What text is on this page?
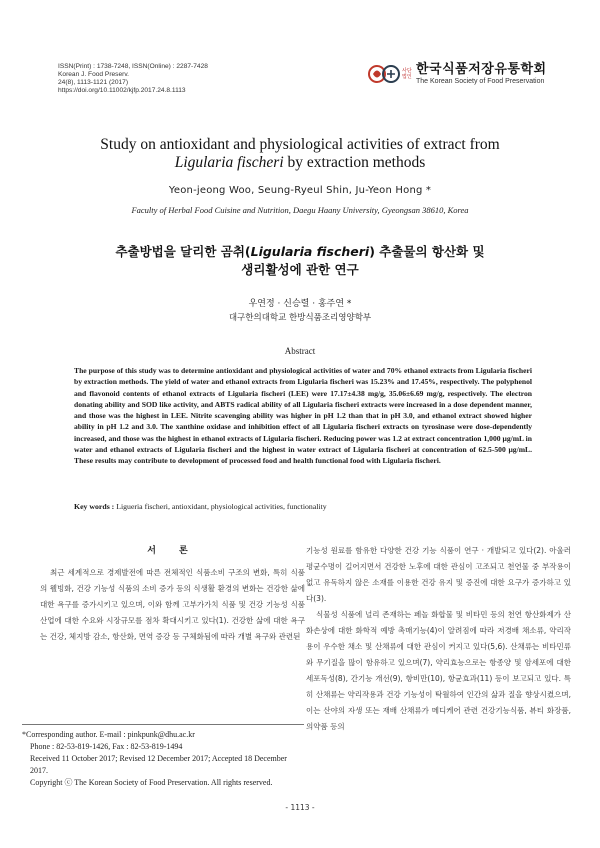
ISSN(Print) : 1738-7248, ISSN(Online) : 2287-7428
Korean J. Food Preserv.
24(8), 1113-1121 (2017)
https://doi.org/10.11002/kjfp.2017.24.8.1113
사단 법인 한국식품저장유통학회
The Korean Society of Food Preservation
Study on antioxidant and physiological activities of extract from
Ligularia fischeri by extraction methods
Yeon-jeong Woo, Seung-Ryeul Shin, Ju-Yeon Hong *
Faculty of Herbal Food Cuisine and Nutrition, Daegu Haany University, Gyeongsan 38610, Korea
추출방법을 달리한 곰취(Ligularia fischeri) 추출물의 항산화 및
생리활성에 관한 연구
우연정 · 신승렬 · 홍주연 *
대구한의대학교 한방식품조리영양학부
Abstract
The purpose of this study was to determine antioxidant and physiological activities of water and 70% ethanol extracts from Ligularia fischeri by extraction methods. The yield of water and ethanol extracts from Ligularia fischeri was 15.23% and 17.45%, respectively. The polyphenol and flavonoid contents of ethanol extracts of Ligularia fischeri (LEE) were 17.17±4.38 mg/g, 35.06±6.69 mg/g, respectively. The electron donating ability and SOD like activity, and ABTS radical ability of all Ligularia fischeri extracts were increased in a dose dependent manner, and those was the highest in LEE. Nitrite scavenging ability was higher in pH 1.2 than that in pH 3.0, and ethanol extract showed higher ability in pH 1.2 and 3.0. The xanthine oxidase and inhibition effect of all Ligularia fischeri extracts on tyrosinase were dose-dependently increased, and those was the highest in ethanol extracts of Ligularia fischeri. Reducing power was 1.2 at extract concentration 1,000 μg/mL in water and ethanol extracts of Ligularia fischeri and the highest in water extract of Ligularia fischeri at concentration of 62.5-500 μg/mL. These results may contribute to development of processed food and health functional food with Ligularia fischeri.
Key words : Ligueria fischeri, antioxidant, physiological activities, functionality
서 론

최근 세계적으로 경제발전에 따른 전체적인 식품소비 구조의 변화, 특히 식품의 웰빙화, 건강 기능성 식품의 소비 증가 등의 식생활 환경의 변화는 건강한 삶에 대한 욕구를 증가시키고 있으며, 이와 함께 고부가가치 식품 및 건강 기능성 식품산업에 대한 수요와 시장규모를 점차 확대시키고 있다(1). 건강한 삶에 대한 욕구는 건강, 체지방 감소, 항산화, 면역 증강 등 구체화됨에 따라 개별 욕구와 관련된

기능성 원료를 함유한 다양한 건강 기능 식품이 연구 · 개발되고 있다(2). 아울러 평균수명이 길어지면서 건강한 노후에 대한 관심이 고조되고 천연물 중 부작용이 없고 유독하지 않은 소재를 이용한 건강 유지 및 증진에 대한 요구가 증가하고 있다(3).

식물성 식품에 널리 존재하는 페놀 화합물 및 비타민 등의 천연 항산화제가 산화손상에 대한 화학적 예방 촉매기능(4)이 알려짐에 따라 저경배 채소류, 약리작용이 우수한 채소 및 산채류에 대한 관심이 커지고 있다(5,6). 산채류는 비타민류와 무기질을 많이 함유하고 있으며(7), 약리효능으로는 항종양 및 암세포에 대한 세포독성(8), 간기능 개선(9), 항비만(10), 항균효과(11) 등이 보고되고 있다. 특히 산채류는 약리작용과 건강 기능성이 탁월하여 인간의 삶과 질을 향상시켰으며, 이는 산야의 자생 또는 재배 산채류가 메디케어 관련 건강기능식품, 뷰티 화장품, 의약품 등의

*Corresponding author. E-mail : pinkpunk@dhu.ac.kr
Phone : 82-53-819-1426, Fax : 82-53-819-1494
Received 11 October 2017; Revised 12 December 2017; Accepted 18 December 2017.
Copyright ⓒ The Korean Society of Food Preservation. All rights reserved.
- 1113 -
